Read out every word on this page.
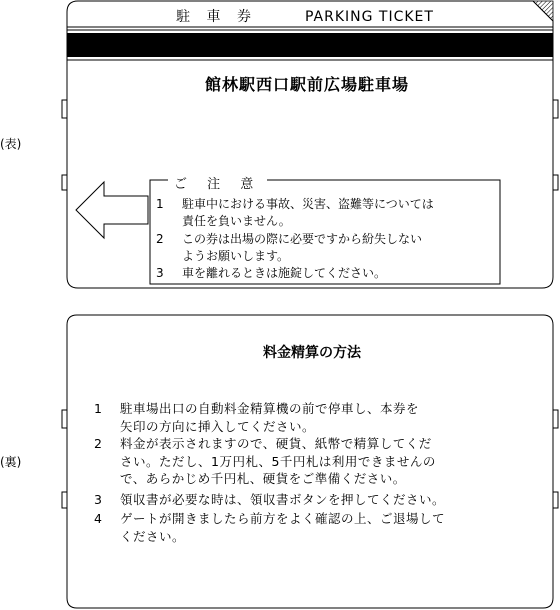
(表)
(裏)
駐 車 券	PARKING TICKET
館林駅西口駅前広場駐車場
ご 注 意
1 駐車中における事故、災害、盗難等については
責任を負いません。
2 この券は出場の際に必要ですから紛失しない
ようお願いします。
3 車を離れるときは施錠してください。
料金精算の方法
1 駐車場出口の自動料金精算機の前で停車し、本券を
矢印の方向に挿入してください。
2 料金が表示されますので、硬貨、紙幣で精算してくだ
さい。ただし、1万円札、5千円札は利用できませんの
で、あらかじめ千円札、硬貨をご準備ください。
3 領収書が必要な時は、領収書ボタンを押してください。
4 ゲートが開きましたら前方をよく確認の上、ご退場して
ください。
